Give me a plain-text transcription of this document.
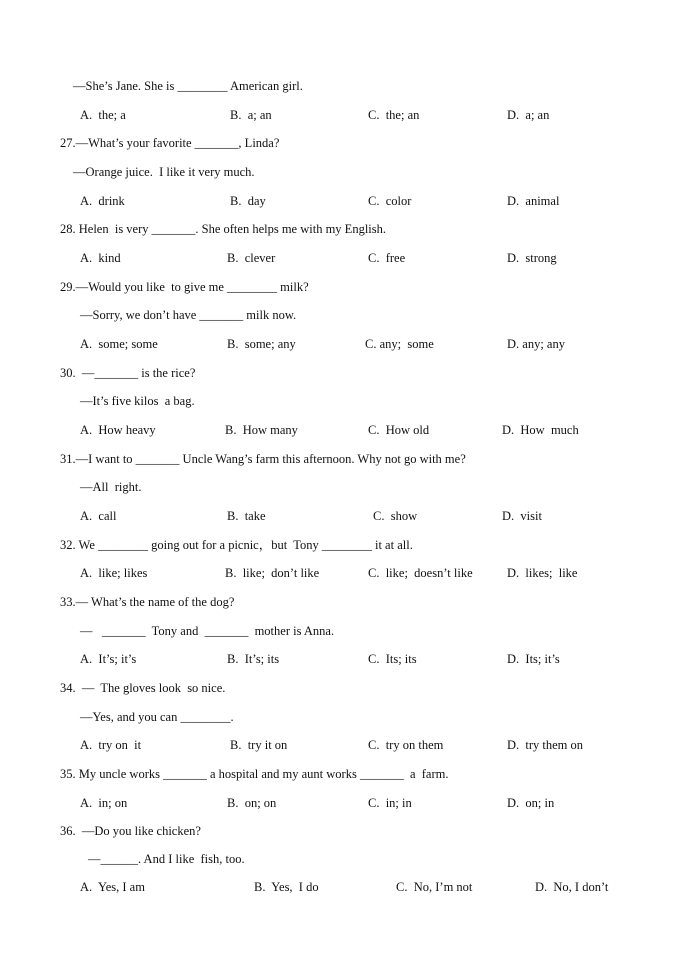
—She’s Jane. She is ________ American girl.
A.  the; a	B.  a; an	C.  the; an	D.  a; an
27.—What’s your favorite _______, Linda?
—Orange juice.  I like it very much.
A.  drink	B.  day	C.  color	D.  animal
28. Helen  is very _______. She often helps me with my English.
A.  kind	B.  clever	C.  free	D.  strong
29.—Would you like  to give me ________ milk?
—Sorry, we don’t have _______ milk now.
A.  some; some	B.  some; any	C. any;  some	D. any; any
30.  —_______ is the rice?
—It’s five kilos  a bag.
A.  How heavy	B.  How many	C.  How old	D.  How  much
31.—I want to _______ Uncle Wang’s farm this afternoon. Why not go with me?
—All  right.
A.  call	B.  take	C.  show	D.  visit
32. We ________ going out for a picnic，but  Tony ________ it at all.
A.  like; likes	B.  like;  don’t like	C.  like;  doesn’t like	D.  likes;  like
33.— What’s the name of the dog?
—   _______  Tony and  _______  mother is Anna.
A.  It’s; it’s	B.  It’s; its	C.  Its; its	D.  Its; it’s
34.  —  The gloves look  so nice.
—Yes, and you can ________.
A.  try on  it	B.  try it on	C.  try on them	D.  try them on
35. My uncle works _______ a hospital and my aunt works _______  a  farm.
A.  in; on	B.  on; on	C.  in; in	D.  on; in
36.  —Do you like chicken?
—______. And I like  fish, too.
A.  Yes, I am	B.  Yes,  I do	C.  No, I’m not	D.  No, I don’t
